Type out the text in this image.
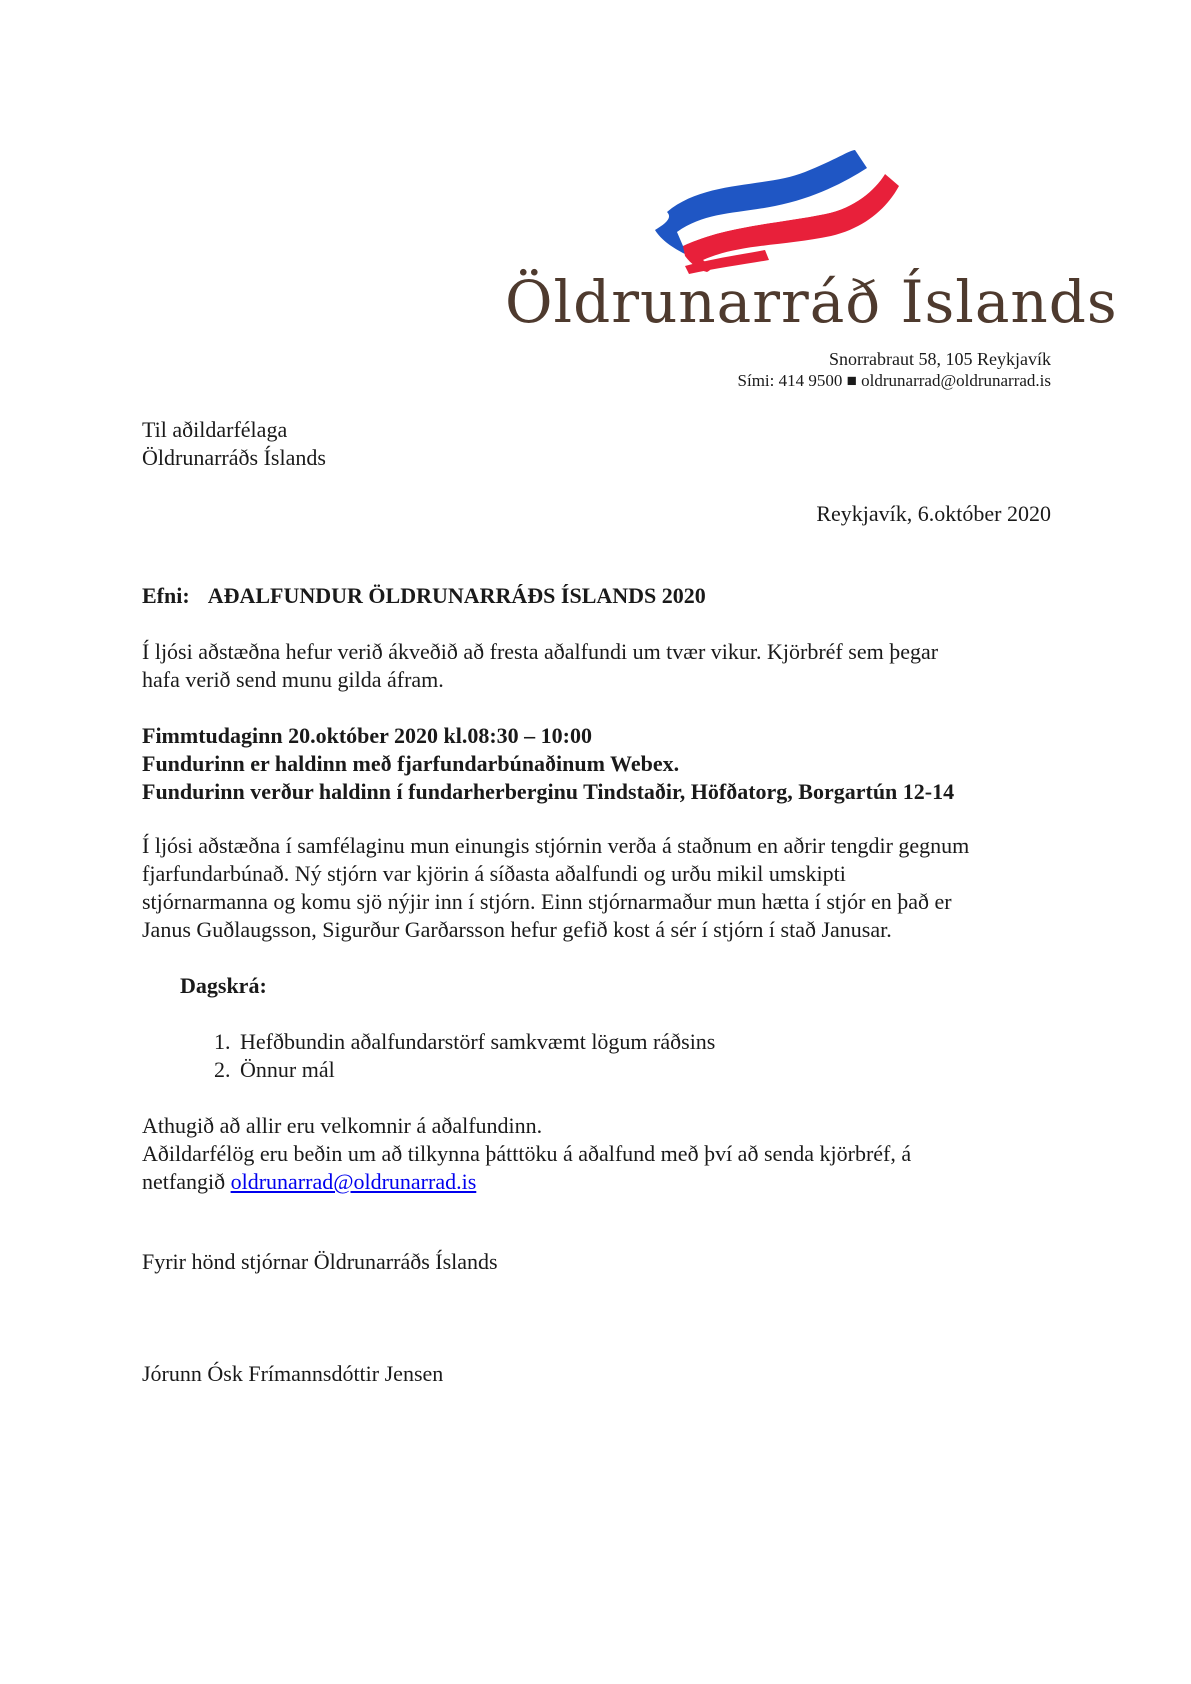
Öldrunarráð Íslands
Snorrabraut 58, 105 Reykjavík
Sími: 414 9500 ■ oldrunarrad@oldrunarrad.is
Til aðildarfélaga
Öldrunarráðs Íslands
Reykjavík, 6.október 2020
Efni: AÐALFUNDUR ÖLDRUNARRÁÐS ÍSLANDS 2020
Í ljósi aðstæðna hefur verið ákveðið að fresta aðalfundi um tvær vikur. Kjörbréf sem þegar
hafa verið send munu gilda áfram.
Fimmtudaginn 20.október 2020 kl.08:30 – 10:00
Fundurinn er haldinn með fjarfundarbúnaðinum Webex.
Fundurinn verður haldinn í fundarherberginu Tindstaðir, Höfðatorg, Borgartún 12-14
Í ljósi aðstæðna í samfélaginu mun einungis stjórnin verða á staðnum en aðrir tengdir gegnum
fjarfundarbúnað. Ný stjórn var kjörin á síðasta aðalfundi og urðu mikil umskipti
stjórnarmanna og komu sjö nýjir inn í stjórn. Einn stjórnarmaður mun hætta í stjór en það er
Janus Guðlaugsson, Sigurður Garðarsson hefur gefið kost á sér í stjórn í stað Janusar.
Dagskrá:
1. Hefðbundin aðalfundarstörf samkvæmt lögum ráðsins
2. Önnur mál
Athugið að allir eru velkomnir á aðalfundinn.
Aðildarfélög eru beðin um að tilkynna þátttöku á aðalfund með því að senda kjörbréf, á
netfangið oldrunarrad@oldrunarrad.is
Fyrir hönd stjórnar Öldrunarráðs Íslands
Jórunn Ósk Frímannsdóttir Jensen
